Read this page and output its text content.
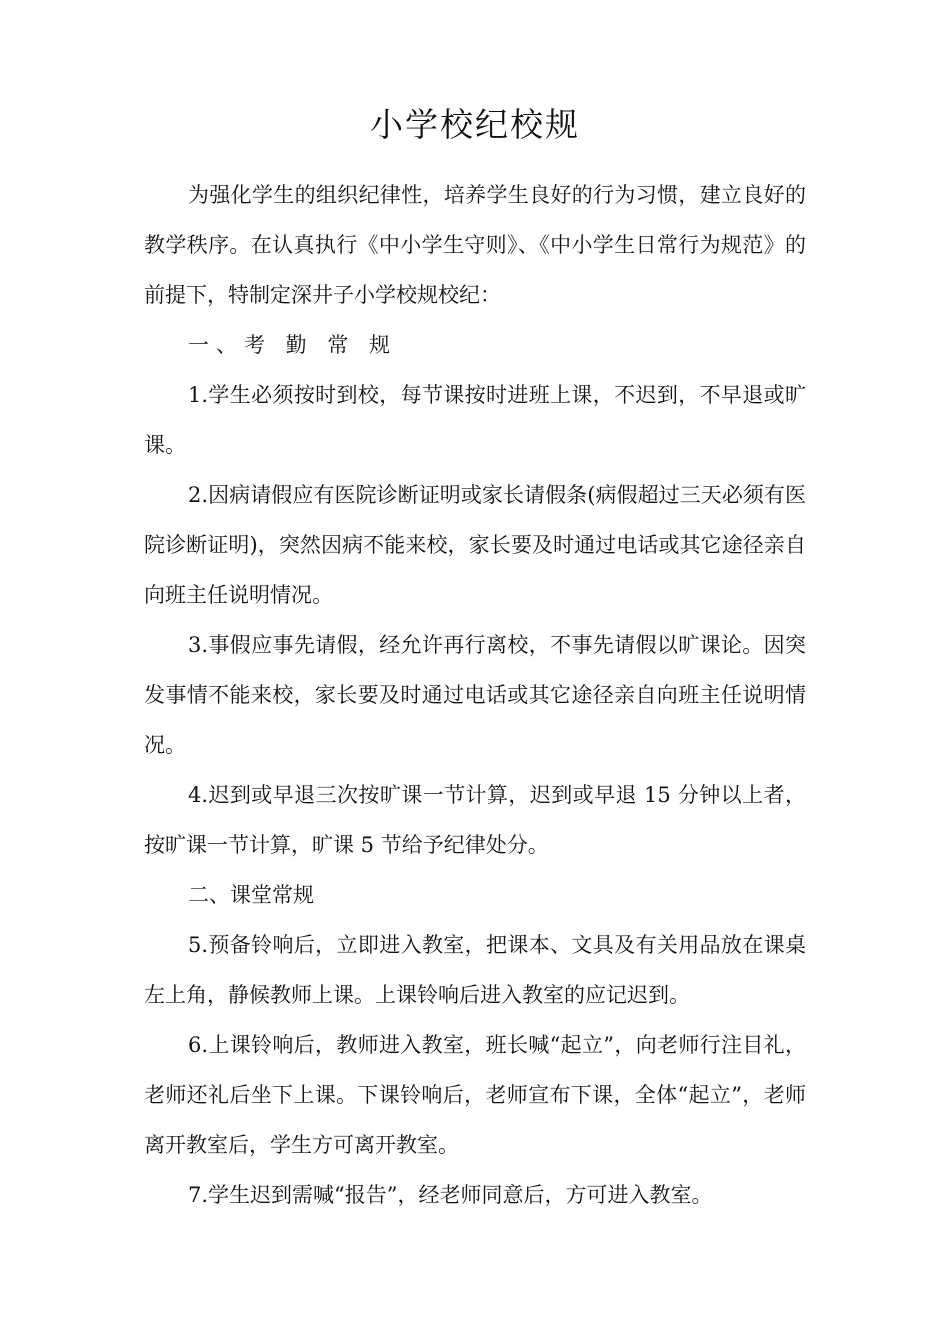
小学校纪校规

为强化学生的组织纪律性，培养学生良好的行为习惯，建立良好的教学秩序。在认真执行《中小学生守则》、《中小学生日常行为规范》的前提下，特制定深井子小学校规校纪：

一、考 勤 常 规

1.学生必须按时到校，每节课按时进班上课，不迟到，不早退或旷课。

2.因病请假应有医院诊断证明或家长请假条(病假超过三天必须有医院诊断证明)，突然因病不能来校，家长要及时通过电话或其它途径亲自向班主任说明情况。

3.事假应事先请假，经允许再行离校，不事先请假以旷课论。因突发事情不能来校，家长要及时通过电话或其它途径亲自向班主任说明情况。

4.迟到或早退三次按旷课一节计算，迟到或早退 15 分钟以上者，按旷课一节计算，旷课 5 节给予纪律处分。

二、课堂常规

5.预备铃响后，立即进入教室，把课本、文具及有关用品放在课桌左上角，静候教师上课。上课铃响后进入教室的应记迟到。

6.上课铃响后，教师进入教室，班长喊“起立”，向老师行注目礼，老师还礼后坐下上课。下课铃响后，老师宣布下课，全体“起立”，老师离开教室后，学生方可离开教室。

7.学生迟到需喊“报告”，经老师同意后，方可进入教室。
